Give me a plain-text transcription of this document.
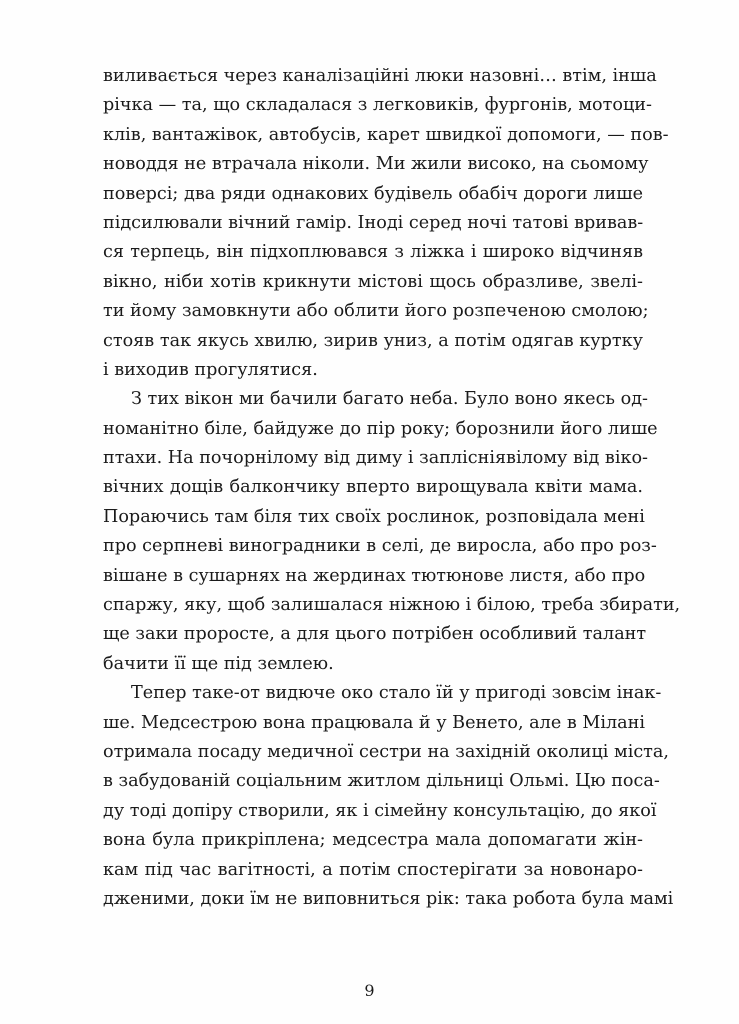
виливається через каналізаційні люки назовні… втім, інша
річка — та, що складалася з легковиків, фургонів, мотоци-
клів, вантажівок, автобусів, карет швидкої допомоги, — пов-
новоддя не втрачала ніколи. Ми жили високо, на сьомому
поверсі; два ряди однакових будівель обабіч дороги лише
підсилювали вічний гамір. Іноді серед ночі татові вривав-
ся терпець, він підхоплювався з ліжка і широко відчиняв
вікно, ніби хотів крикнути містові щось образливе, звелі-
ти йому замовкнути або облити його розпеченою смолою;
стояв так якусь хвилю, зирив униз, а потім одягав куртку
і виходив прогулятися.
З тих вікон ми бачили багато неба. Було воно якесь од-
номанітно біле, байдуже до пір року; борознили його лише
птахи. На почорнілому від диму і заплісніявілому від віко-
вічних дощів балкончику вперто вирощувала квіти мама.
Пораючись там біля тих своїх рослинок, розповідала мені
про серпневі виноградники в селі, де виросла, або про роз-
вішане в сушарнях на жердинах тютюнове листя, або про
спаржу, яку, щоб залишалася ніжною і білою, треба збирати,
ще заки проросте, а для цього потрібен особливий талант
бачити її ще під землею.
Тепер таке-от видюче око стало їй у пригоді зовсім інак-
ше. Медсестрою вона працювала й у Венето, але в Мілані
отримала посаду медичної сестри на західній околиці міста,
в забудованій соціальним житлом дільниці Ольмі. Цю поса-
ду тоді допіру створили, як і сімейну консультацію, до якої
вона була прикріплена; медсестра мала допомагати жін-
кам під час вагітності, а потім спостерігати за новонаро-
дженими, доки їм не виповниться рік: така робота була мамі
9
